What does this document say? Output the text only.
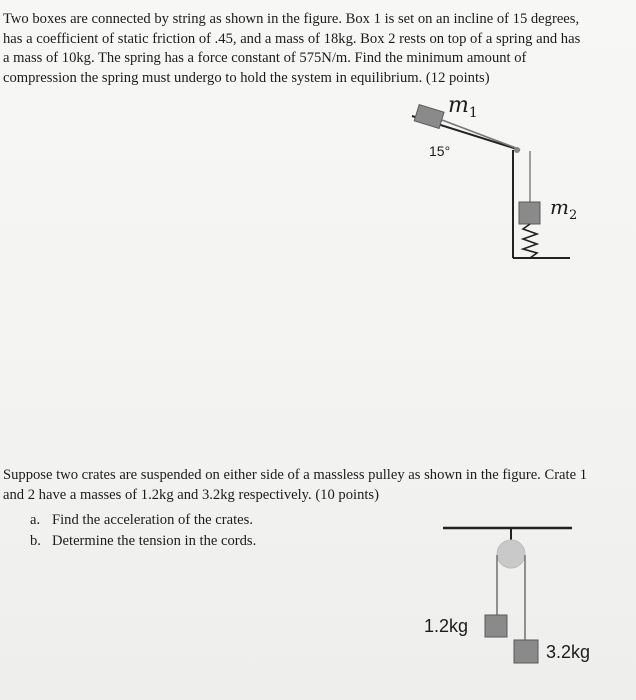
Two boxes are connected by string as shown in the figure. Box 1 is set on an incline of 15 degrees, has a coefficient of static friction of .45, and a mass of 18kg. Box 2 rests on top of a spring and has a mass of 10kg. The spring has a force constant of 575N/m. Find the minimum amount of compression the spring must undergo to hold the system in equilibrium. (12 points)

$m_1$
15°
$m_2$

Suppose two crates are suspended on either side of a massless pulley as shown in the figure. Crate 1 and 2 have a masses of 1.2kg and 3.2kg respectively. (10 points)

a. Find the acceleration of the crates.
b. Determine the tension in the cords.
1.2kg
3.2kg
